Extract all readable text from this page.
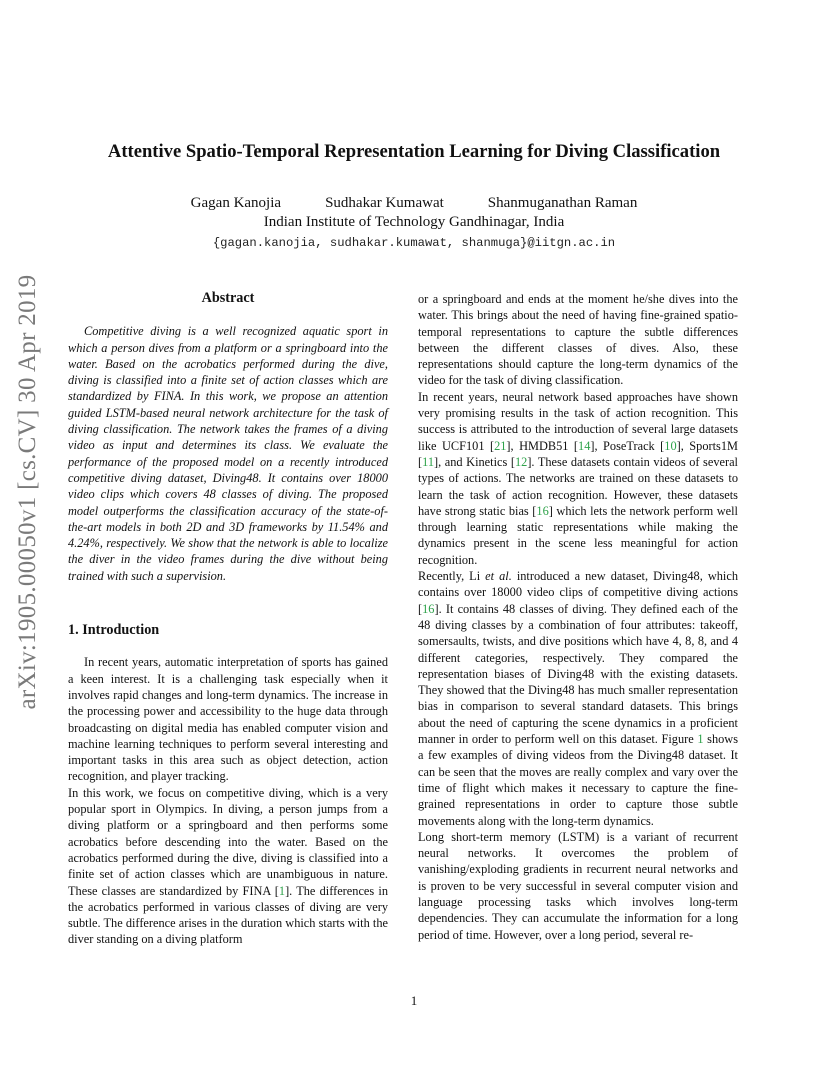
arXiv:1905.00050v1 [cs.CV] 30 Apr 2019
Attentive Spatio-Temporal Representation Learning for Diving Classification
Gagan Kanojia	Sudhakar Kumawat	Shanmuganathan Raman
Indian Institute of Technology Gandhinagar, India
{gagan.kanojia, sudhakar.kumawat, shanmuga}@iitgn.ac.in
Abstract

Competitive diving is a well recognized aquatic sport in which a person dives from a platform or a springboard into the water. Based on the acrobatics performed during the dive, diving is classified into a finite set of action classes which are standardized by FINA. In this work, we propose an attention guided LSTM-based neural network architecture for the task of diving classification. The network takes the frames of a diving video as input and determines its class. We evaluate the performance of the proposed model on a recently introduced competitive diving dataset, Diving48. It contains over 18000 video clips which covers 48 classes of diving. The proposed model outperforms the classification accuracy of the state-of-the-art models in both 2D and 3D frameworks by 11.54% and 4.24%, respectively. We show that the network is able to localize the diver in the video frames during the dive without being trained with such a supervision.

1. Introduction

In recent years, automatic interpretation of sports has gained a keen interest. It is a challenging task especially when it involves rapid changes and long-term dynamics. The increase in the processing power and accessibility to the huge data through broadcasting on digital media has enabled computer vision and machine learning techniques to perform several interesting and important tasks in this area such as object detection, action recognition, and player tracking.

In this work, we focus on competitive diving, which is a very popular sport in Olympics. In diving, a person jumps from a diving platform or a springboard and then performs some acrobatics before descending into the water. Based on the acrobatics performed during the dive, diving is classified into a finite set of action classes which are unambiguous in nature. These classes are standardized by FINA [1]. The differences in the acrobatics performed in various classes of diving are very subtle. The difference arises in the duration which starts with the diver standing on a diving platform

or a springboard and ends at the moment he/she dives into the water. This brings about the need of having fine-grained spatio-temporal representations to capture the subtle differences between the different classes of dives. Also, these representations should capture the long-term dynamics of the video for the task of diving classification.

In recent years, neural network based approaches have shown very promising results in the task of action recognition. This success is attributed to the introduction of several large datasets like UCF101 [21], HMDB51 [14], PoseTrack [10], Sports1M [11], and Kinetics [12]. These datasets contain videos of several types of actions. The networks are trained on these datasets to learn the task of action recognition. However, these datasets have strong static bias [16] which lets the network perform well through learning static representations while making the dynamics present in the scene less meaningful for action recognition.

Recently, Li et al. introduced a new dataset, Diving48, which contains over 18000 video clips of competitive diving actions [16]. It contains 48 classes of diving. They defined each of the 48 diving classes by a combination of four attributes: takeoff, somersaults, twists, and dive positions which have 4, 8, 8, and 4 different categories, respectively. They compared the representation biases of Diving48 with the existing datasets. They showed that the Diving48 has much smaller representation bias in comparison to several standard datasets. This brings about the need of capturing the scene dynamics in a proficient manner in order to perform well on this dataset. Figure 1 shows a few examples of diving videos from the Diving48 dataset. It can be seen that the moves are really complex and vary over the time of flight which makes it necessary to capture the fine-grained representations in order to capture those subtle movements along with the long-term dynamics.

Long short-term memory (LSTM) is a variant of recurrent neural networks. It overcomes the problem of vanishing/exploding gradients in recurrent neural networks and is proven to be very successful in several computer vision and language processing tasks which involves long-term dependencies. They can accumulate the information for a long period of time. However, over a long period, several re-

1
